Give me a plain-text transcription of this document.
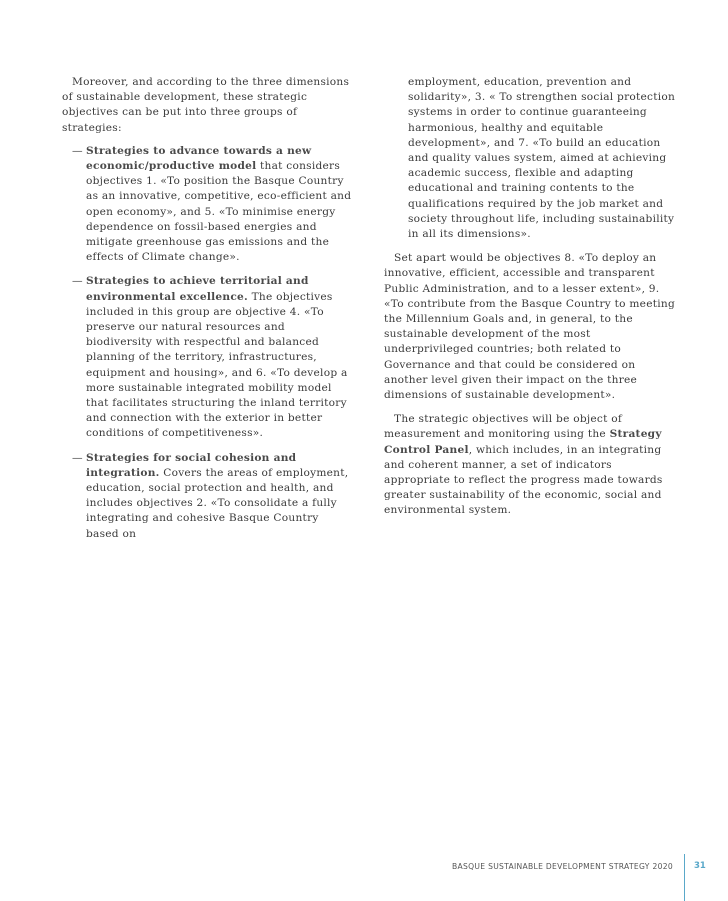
Moreover, and according to the three dimensions of sustainable development, these strategic objectives can be put into three groups of strategies:

— Strategies to advance towards a new economic/productive model that considers objectives 1. «To position the Basque Country as an innovative, competitive, eco-efficient and open economy», and 5. «To minimise energy dependence on fossil-based energies and mitigate greenhouse gas emissions and the effects of Climate change».

— Strategies to achieve territorial and environmental excellence. The objectives included in this group are objective 4. «To preserve our natural resources and biodiversity with respectful and balanced planning of the territory, infrastructures, equipment and housing», and 6. «To develop a more sustainable integrated mobility model that facilitates structuring the inland territory and connection with the exterior in better conditions of competitiveness».

— Strategies for social cohesion and integration. Covers the areas of employment, education, social protection and health, and includes objectives 2. «To consolidate a fully integrating and cohesive Basque Country based on

employment, education, prevention and solidarity», 3. « To strengthen social protection systems in order to continue guaranteeing harmonious, healthy and equitable development», and 7. «To build an education and quality values system, aimed at achieving academic success, flexible and adapting educational and training contents to the qualifications required by the job market and society throughout life, including sustainability in all its dimensions».

Set apart would be objectives 8. «To deploy an innovative, efficient, accessible and transparent Public Administration, and to a lesser extent», 9. «To contribute from the Basque Country to meeting the Millennium Goals and, in general, to the sustainable development of the most underprivileged countries; both related to Governance and that could be considered on another level given their impact on the three dimensions of sustainable development».

The strategic objectives will be object of measurement and monitoring using the Strategy Control Panel, which includes, in an integrating and coherent manner, a set of indicators appropriate to reflect the progress made towards greater sustainability of the economic, social and environmental system.

BASQUE SUSTAINABLE DEVELOPMENT STRATEGY 2020 31
